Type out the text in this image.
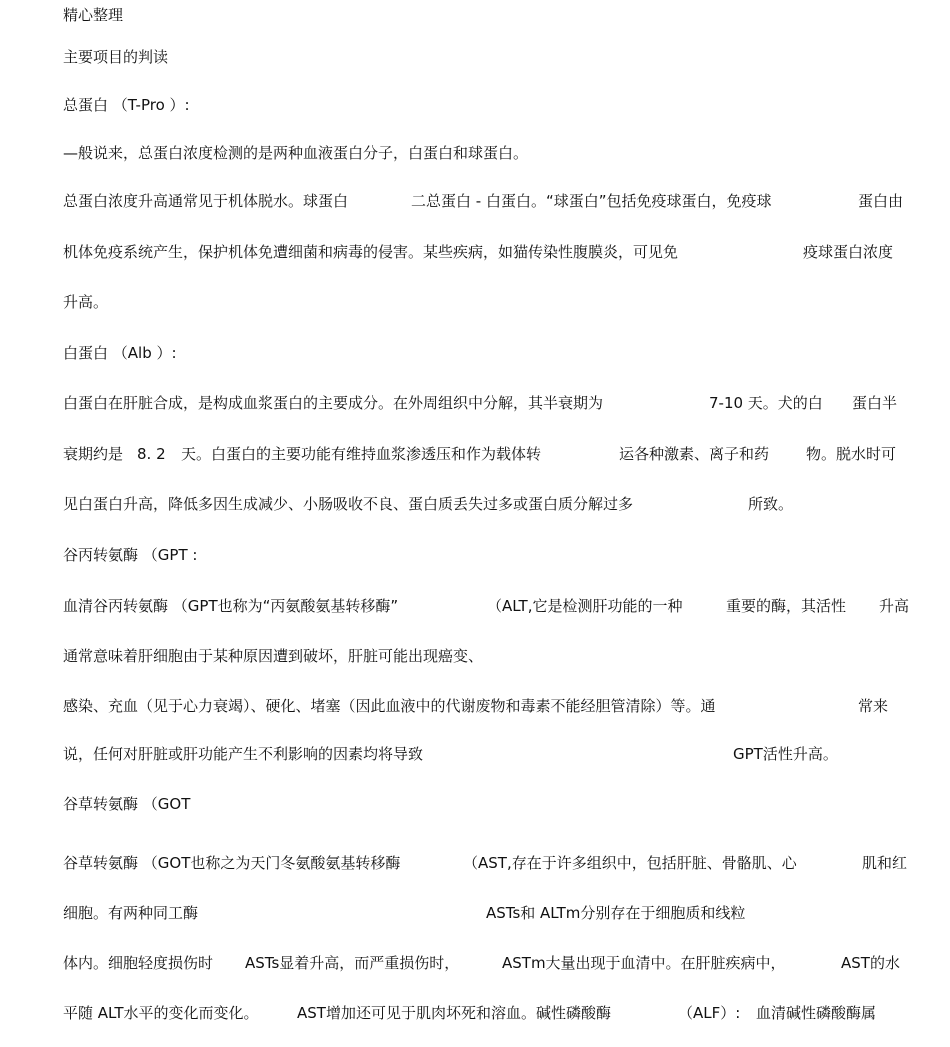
精心整理
主要项目的判读
总蛋白 （T-Pro ）:
—般说来，总蛋白浓度检测的是两种血液蛋白分子，白蛋白和球蛋白。
总蛋白浓度升高通常见于机体脱水。球蛋白	二总蛋白 - 白蛋白。“球蛋白”包括免疫球蛋白，免疫球	蛋白由
机体免疫系统产生，保护机体免遭细菌和病毒的侵害。某些疾病，如猫传染性腹膜炎，可见免	疫球蛋白浓度
升高。
白蛋白 （Alb ）:
白蛋白在肝脏合成，是构成血浆蛋白的主要成分。在外周组织中分解，其半衰期为	7-10 天。犬的白 蛋白半
衰期约是 8. 2 天。白蛋白的主要功能有维持血浆渗透压和作为载体转	运各种激素、离子和药 物。脱水时可
见白蛋白升高，降低多因生成减少、小肠吸收不良、蛋白质丢失过多或蛋白质分解过多	所致。
谷丙转氨酶 （GPT :
血清谷丙转氨酶 （GPT也称为“丙氨酸氨基转移酶”	（ALT,它是检测肝功能的一种	重要的酶，其活性 升高
通常意味着肝细胞由于某种原因遭到破坏，肝脏可能出现癌变、
感染、充血（见于心力衰竭）、硬化、堵塞（因此血液中的代谢废物和毒素不能经胆管清除）等。通	常来
说，任何对肝脏或肝功能产生不利影响的因素均将导致	GPT活性升高。
谷草转氨酶 （GOT
谷草转氨酶 （GOT也称之为天门冬氨酸氨基转移酶	（AST,存在于许多组织中，包括肝脏、骨骼肌、心	肌和红
细胞。有两种同工酶	ASTs和 ALTm分别存在于细胞质和线粒
体内。细胞轻度损伤时 ASTs显着升高，而严重损伤时，	ASTm大量出现于血清中。在肝脏疾病中，	AST的水
平随 ALT水平的变化而变化。	AST增加还可见于肌肉坏死和溶血。碱性磷酸酶	（ALF）: 血清碱性磷酸酶属
